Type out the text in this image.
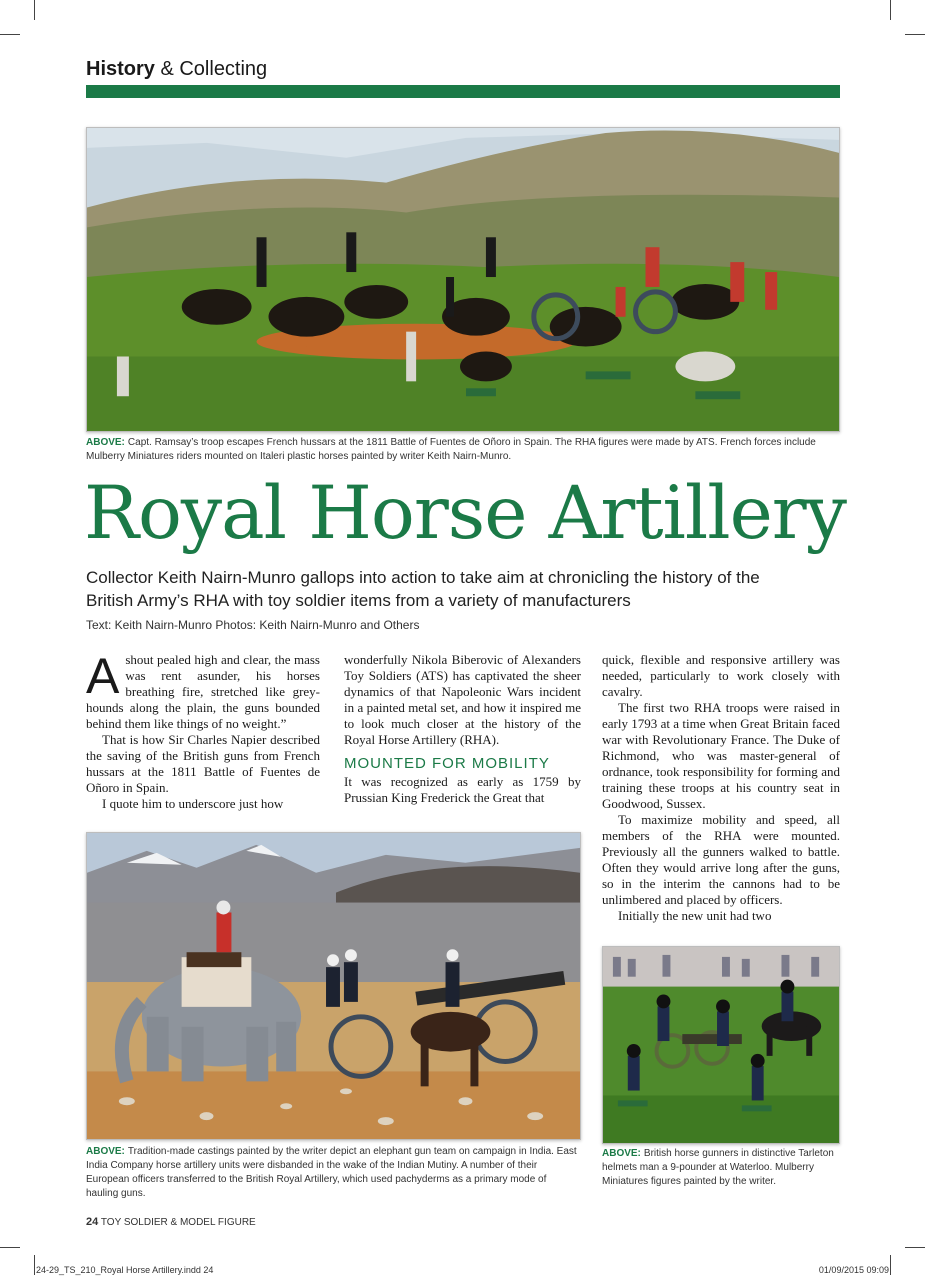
History & Collecting
ABOVE: Capt. Ramsay’s troop escapes French hussars at the 1811 Battle of Fuentes de Oñoro in Spain. The RHA figures were made by ATS. French forces include Mulberry Miniatures riders mounted on Italeri plastic horses painted by writer Keith Nairn-Munro.
Royal Horse Artillery
Collector Keith Nairn-Munro gallops into action to take aim at chronicling the history of the British Army’s RHA with toy soldier items from a variety of manufacturers
Text: Keith Nairn-Munro Photos: Keith Nairn-Munro and Others

Ashout pealed high and clear, the mass was rent asunder, his horses breathing fire, stretched like grey-hounds along the plain, the guns bounded behind them like things of no weight.”

That is how Sir Charles Napier described the saving of the British guns from French hussars at the 1811 Battle of Fuentes de Oñoro in Spain.

I quote him to underscore just how

wonderfully Nikola Biberovic of Alexanders Toy Soldiers (ATS) has captivated the sheer dynamics of that Napoleonic Wars incident in a painted metal set, and how it inspired me to look much closer at the history of the Royal Horse Artillery (RHA).

MOUNTED FOR MOBILITY

It was recognized as early as 1759 by Prussian King Frederick the Great that

quick, flexible and responsive artillery was needed, particularly to work closely with cavalry.

The first two RHA troops were raised in early 1793 at a time when Great Britain faced war with Revolutionary France. The Duke of Richmond, who was master-general of ordnance, took responsibility for forming and training these troops at his country seat in Goodwood, Sussex.

To maximize mobility and speed, all members of the RHA were mounted. Previously all the gunners walked to battle. Often they would arrive long after the guns, so in the interim the cannons had to be unlimbered and placed by officers.

Initially the new unit had two

ABOVE: Tradition-made castings painted by the writer depict an elephant gun team on campaign in India. East India Company horse artillery units were disbanded in the wake of the Indian Mutiny. A number of their European officers transferred to the British Royal Artillery, which used pachyderms as a primary mode of hauling guns.
ABOVE: British horse gunners in distinctive Tarleton helmets man a 9-pounder at Waterloo. Mulberry Miniatures figures painted by the writer.
24 TOY SOLDIER & MODEL FIGURE
24-29_TS_210_Royal Horse Artillery.indd 24	01/09/2015 09:09
